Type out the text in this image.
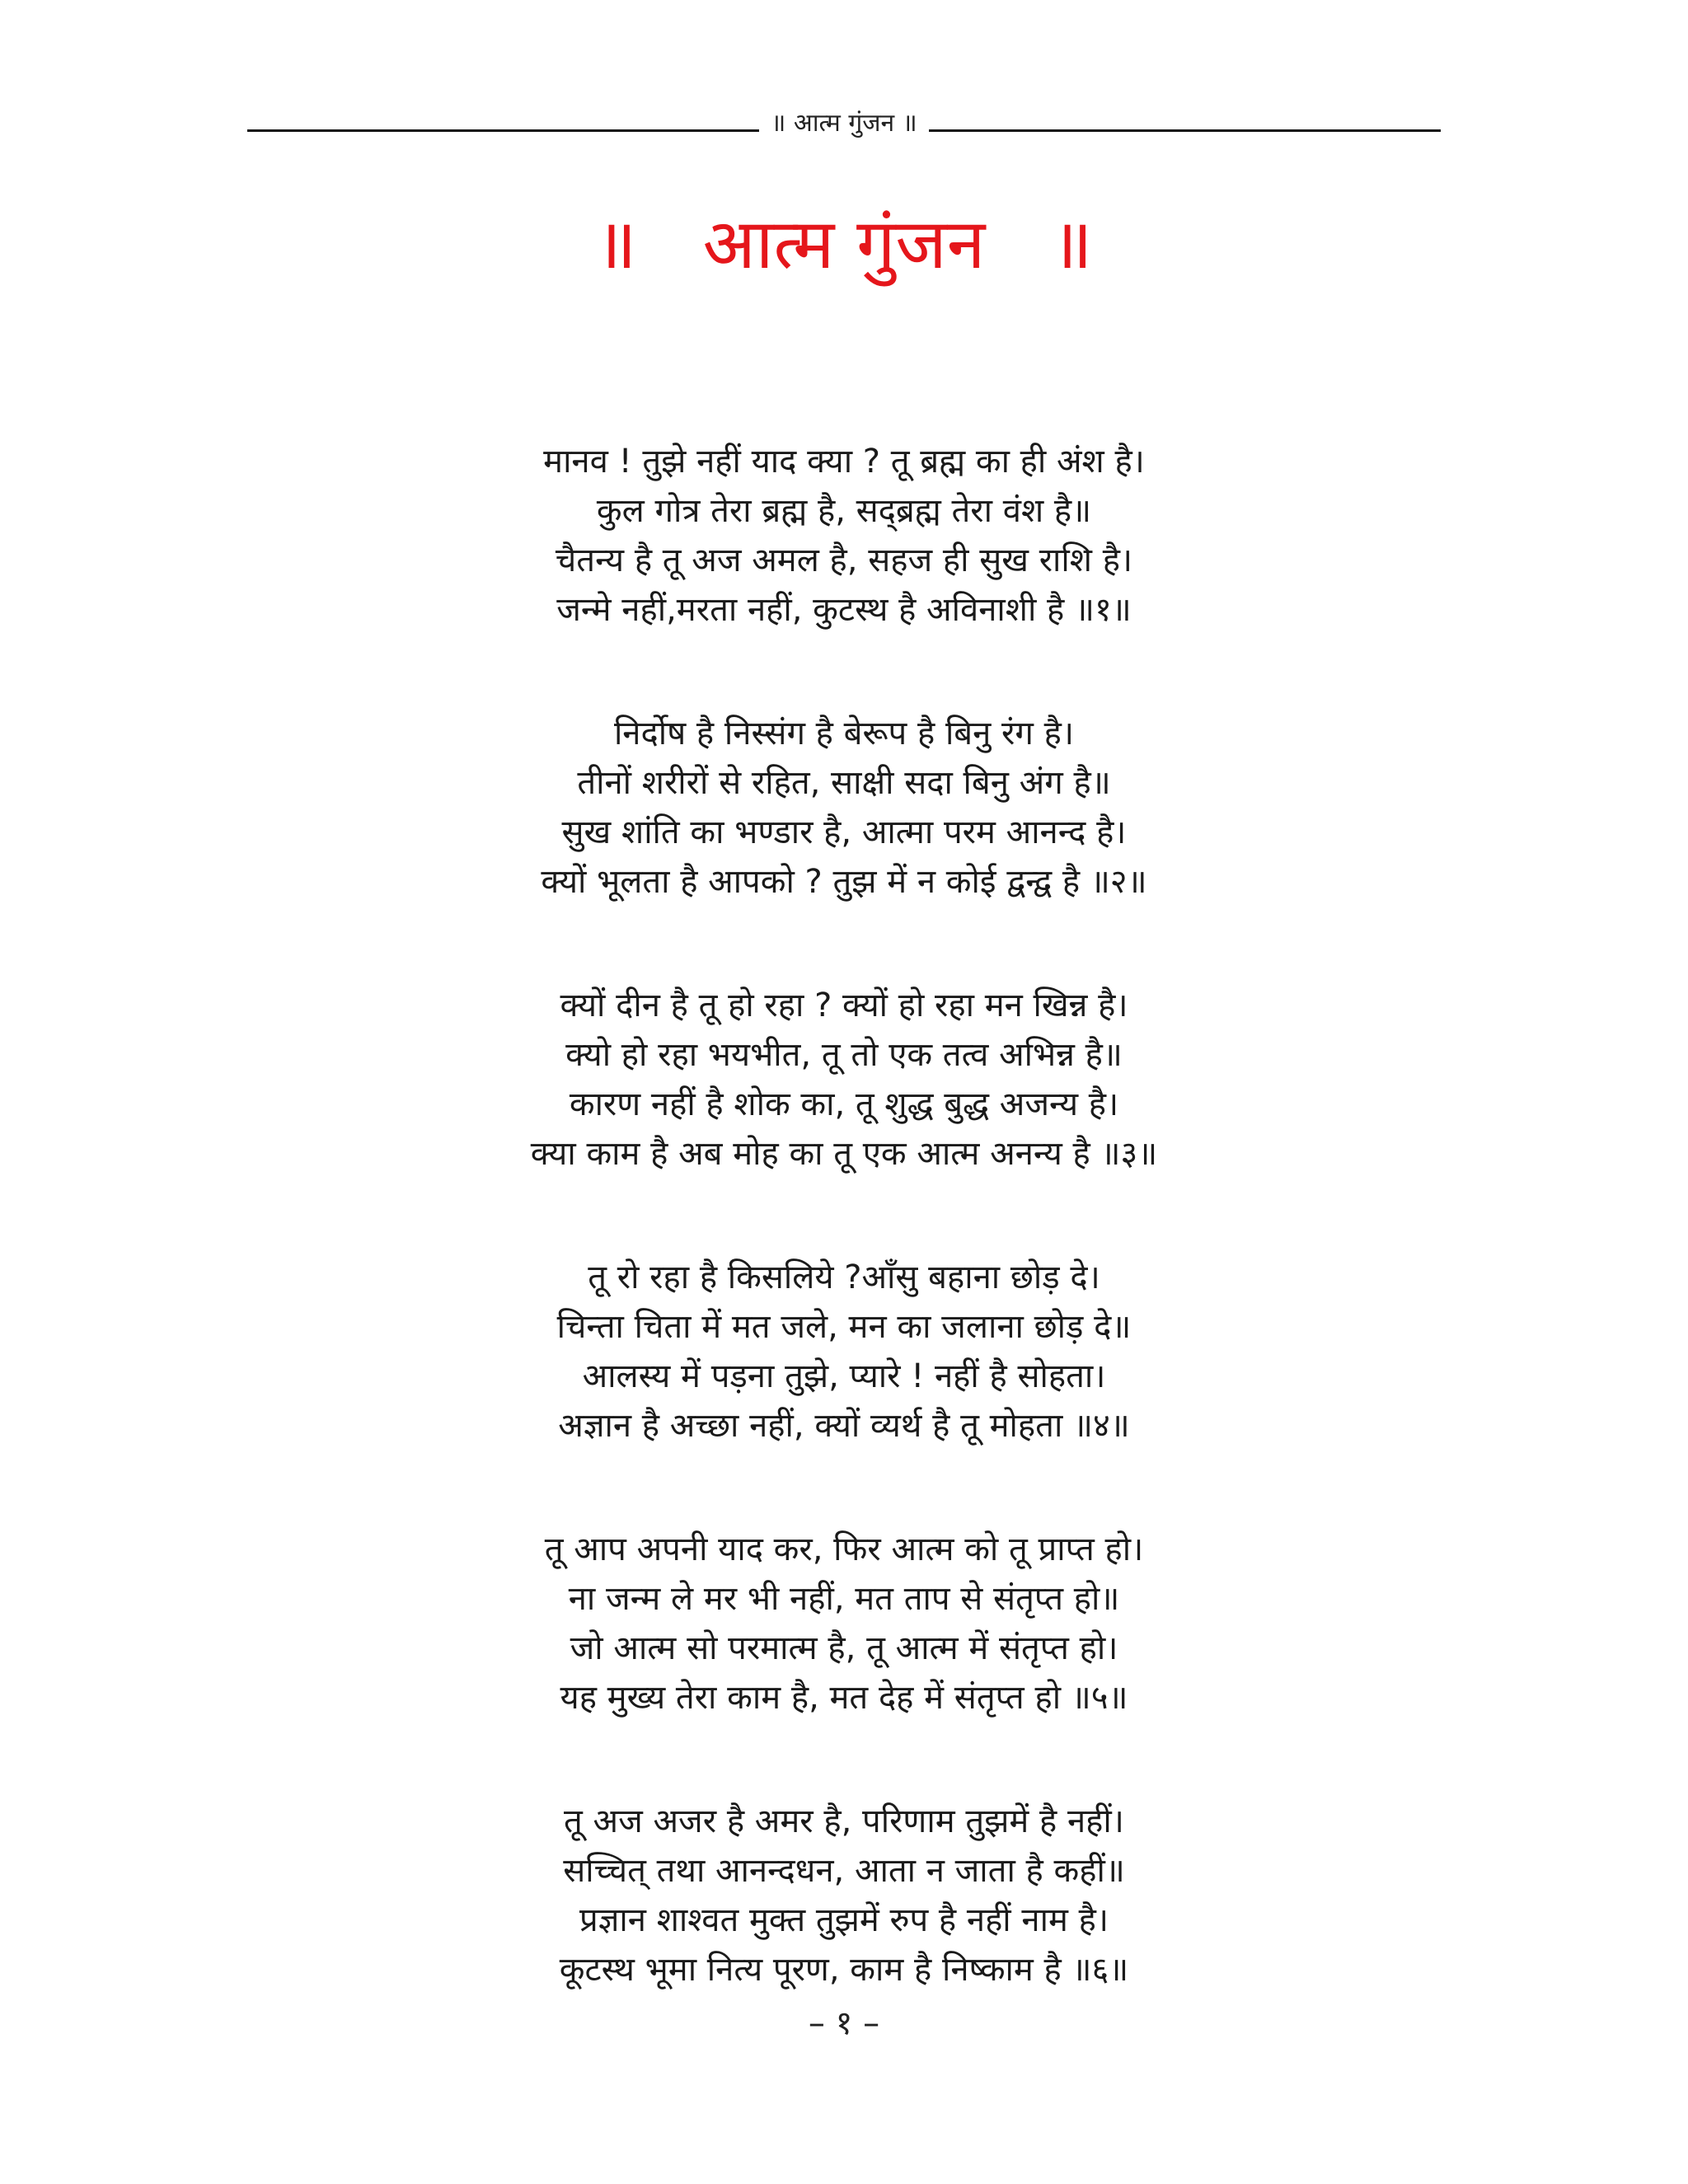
॥ आत्म गुंजन ॥
॥   आत्म गुंजन   ॥
मानव ! तुझे नहीं याद क्या ? तू ब्रह्म का ही अंश है।
कुल गोत्र तेरा ब्रह्म है, सद्ब्रह्म तेरा वंश है॥
चैतन्य है तू अज अमल है, सहज ही सुख राशि है।
जन्मे नहीं,मरता नहीं, कुटस्थ है अविनाशी है ॥१॥
निर्दोष है निस्संग है बेरूप है बिनु रंग है।
तीनों शरीरों से रहित, साक्षी सदा बिनु अंग है॥
सुख शांति का भण्डार है, आत्मा परम आनन्द है।
क्यों भूलता है आपको ? तुझ में न कोई द्वन्द्व है ॥२॥
क्यों दीन है तू हो रहा ? क्यों हो रहा मन खिन्न है।
क्यो हो रहा भयभीत, तू तो एक तत्व अभिन्न है॥
कारण नहीं है शोक का, तू शुद्ध बुद्ध अजन्य है।
क्या काम है अब मोह का तू एक आत्म अनन्य है ॥३॥
तू रो रहा है किसलिये ?आँसु बहाना छोड़ दे।
चिन्ता चिता में मत जले, मन का जलाना छोड़ दे॥
आलस्य में पड़ना तुझे, प्यारे ! नहीं है सोहता।
अज्ञान है अच्छा नहीं, क्यों व्यर्थ है तू मोहता ॥४॥
तू आप अपनी याद कर, फिर आत्म को तू प्राप्त हो।
ना जन्म ले मर भी नहीं, मत ताप से संतृप्त हो॥
जो आत्म सो परमात्म है, तू आत्म में संतृप्त हो।
यह मुख्य तेरा काम है, मत देह में संतृप्त हो ॥५॥
तू अज अजर है अमर है, परिणाम तुझमें है नहीं।
सच्चित् तथा आनन्दधन, आता न जाता है कहीं॥
प्रज्ञान शाश्वत मुक्त तुझमें रुप है नहीं नाम है।
कूटस्थ भूमा नित्य पूरण, काम है निष्काम है ॥६॥
– १ –
